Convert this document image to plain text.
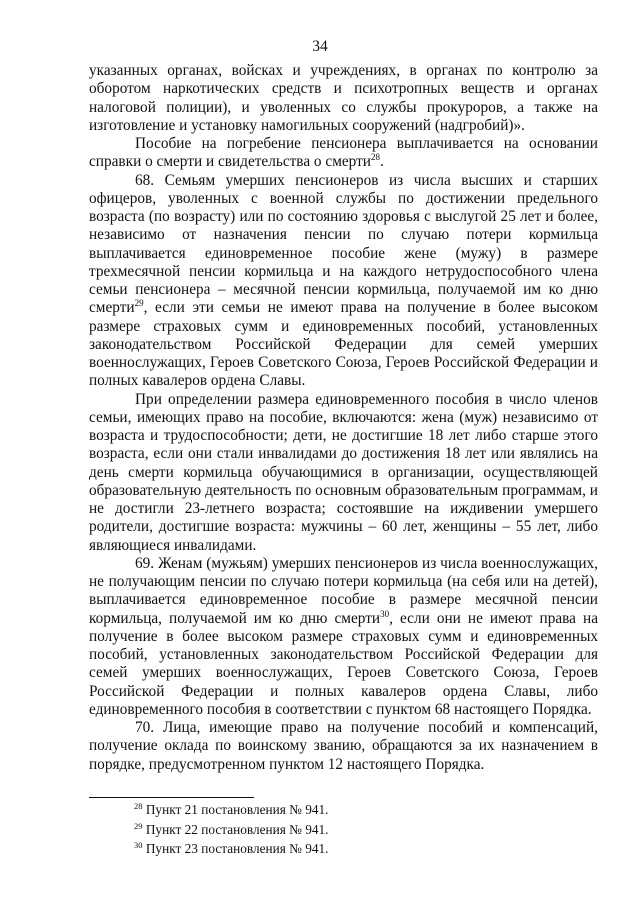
34

указанных органах, войсках и учреждениях, в органах по контролю за оборотом наркотических средств и психотропных веществ и органах налоговой полиции), и уволенных со службы прокуроров, а также на изготовление и установку намогильных сооружений (надгробий)».

Пособие на погребение пенсионера выплачивается на основании справки о смерти и свидетельства о смерти$^{28}$.

68. Семьям умерших пенсионеров из числа высших и старших офицеров, уволенных с военной службы по достижении предельного возраста (по возрасту) или по состоянию здоровья с выслугой 25 лет и более, независимо от назначения пенсии по случаю потери кормильца выплачивается единовременное пособие жене (мужу) в размере трехмесячной пенсии кормильца и на каждого нетрудоспособного члена семьи пенсионера – месячной пенсии кормильца, получаемой им ко дню смерти$^{29}$, если эти семьи не имеют права на получение в более высоком размере страховых сумм и единовременных пособий, установленных законодательством Российской Федерации для семей умерших военнослужащих, Героев Советского Союза, Героев Российской Федерации и полных кавалеров ордена Славы.

При определении размера единовременного пособия в число членов семьи, имеющих право на пособие, включаются: жена (муж) независимо от возраста и трудоспособности; дети, не достигшие 18 лет либо старше этого возраста, если они стали инвалидами до достижения 18 лет или являлись на день смерти кормильца обучающимися в организации, осуществляющей образовательную деятельность по основным образовательным программам, и не достигли 23-летнего возраста; состоявшие на иждивении умершего родители, достигшие возраста: мужчины – 60 лет, женщины – 55 лет, либо являющиеся инвалидами.

69. Женам (мужьям) умерших пенсионеров из числа военнослужащих, не получающим пенсии по случаю потери кормильца (на себя или на детей), выплачивается единовременное пособие в размере месячной пенсии кормильца, получаемой им ко дню смерти$^{30}$, если они не имеют права на получение в более высоком размере страховых сумм и единовременных пособий, установленных законодательством Российской Федерации для семей умерших военнослужащих, Героев Советского Союза, Героев Российской Федерации и полных кавалеров ордена Славы, либо единовременного пособия в соответствии с пунктом 68 настоящего Порядка.

70. Лица, имеющие право на получение пособий и компенсаций, получение оклада по воинскому званию, обращаются за их назначением в порядке, предусмотренном пунктом 12 настоящего Порядка.

$^{28}$ Пункт 21 постановления № 941.
$^{29}$ Пункт 22 постановления № 941.
$^{30}$ Пункт 23 постановления № 941.
